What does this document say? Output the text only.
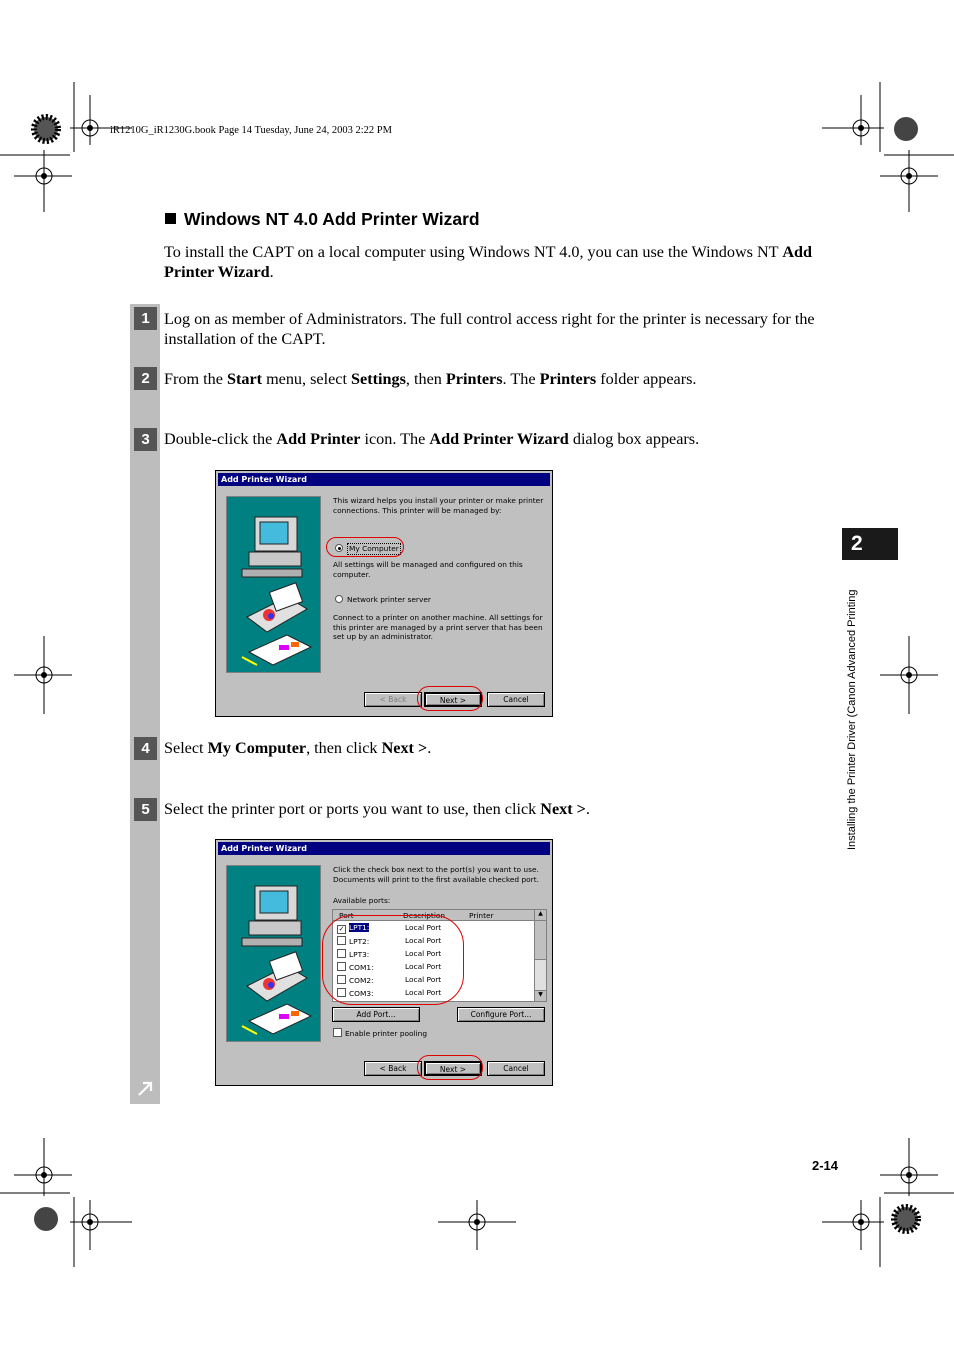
iR1210G_iR1230G.book Page 14 Tuesday, June 24, 2003 2:22 PM
Windows NT 4.0 Add Printer Wizard
To install the CAPT on a local computer using Windows NT 4.0, you can use the Windows NT Add Printer Wizard.
1 Log on as member of Administrators. The full control access right for the printer is necessary for the installation of the CAPT.
2 From the Start menu, select Settings, then Printers. The Printers folder appears.
3 Double-click the Add Printer icon. The Add Printer Wizard dialog box appears.
Add Printer Wizard
This wizard helps you install your printer or make printer connections. This printer will be managed by:
My Computer
All settings will be managed and configured on this computer.
Network printer server
Connect to a printer on another machine. All settings for this printer are managed by a print server that has been set up by an administrator.
< Back	Next >	Cancel
4 Select My Computer, then click Next >.
5 Select the printer port or ports you want to use, then click Next >.
Add Printer Wizard
Click the check box next to the port(s) you want to use. Documents will print to the first available checked port.
Available ports:
Port	Description	Printer
✓ LPT1:	Local Port
LPT2:	Local Port
LPT3:	Local Port
COM1:	Local Port
COM2:	Local Port
COM3:	Local Port
▲
▼
Add Port...	Configure Port...
Enable printer pooling
< Back	Next >	Cancel
2
Installing the Printer Driver (Canon Advanced Printing
2-14
